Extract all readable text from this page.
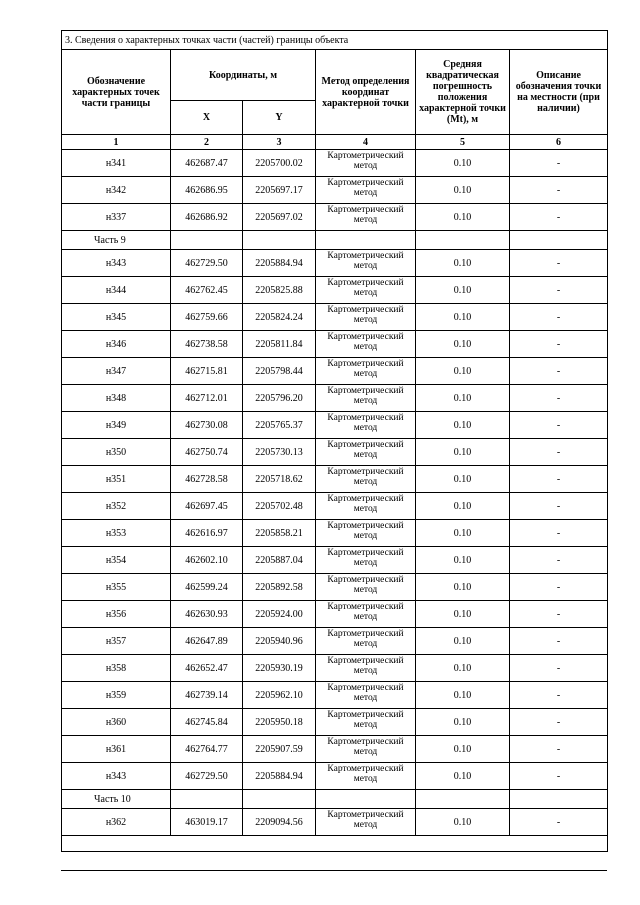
3. Сведения о характерных точках части (частей) границы объекта					
Обозначение характерных точек части границы	Координаты, м		Метод определения координат характерной точки	Средняя квадратическая погрешность положения характерной точки (Mt), м	Описание обозначения точки на местности (при наличии)
	X	Y			
1	2	3	4	5	6
н341	462687.47	2205700.02	Картометрический метод	0.10	-
н342	462686.95	2205697.17	Картометрический метод	0.10	-
н337	462686.92	2205697.02	Картометрический метод	0.10	-
Часть 9					
н343	462729.50	2205884.94	Картометрический метод	0.10	-
н344	462762.45	2205825.88	Картометрический метод	0.10	-
н345	462759.66	2205824.24	Картометрический метод	0.10	-
н346	462738.58	2205811.84	Картометрический метод	0.10	-
н347	462715.81	2205798.44	Картометрический метод	0.10	-
н348	462712.01	2205796.20	Картометрический метод	0.10	-
н349	462730.08	2205765.37	Картометрический метод	0.10	-
н350	462750.74	2205730.13	Картометрический метод	0.10	-
н351	462728.58	2205718.62	Картометрический метод	0.10	-
н352	462697.45	2205702.48	Картометрический метод	0.10	-
н353	462616.97	2205858.21	Картометрический метод	0.10	-
н354	462602.10	2205887.04	Картометрический метод	0.10	-
н355	462599.24	2205892.58	Картометрический метод	0.10	-
н356	462630.93	2205924.00	Картометрический метод	0.10	-
н357	462647.89	2205940.96	Картометрический метод	0.10	-
н358	462652.47	2205930.19	Картометрический метод	0.10	-
н359	462739.14	2205962.10	Картометрический метод	0.10	-
н360	462745.84	2205950.18	Картометрический метод	0.10	-
н361	462764.77	2205907.59	Картометрический метод	0.10	-
н343	462729.50	2205884.94	Картометрический метод	0.10	-
Часть 10					
н362	463019.17	2209094.56	Картометрический метод	0.10	-
